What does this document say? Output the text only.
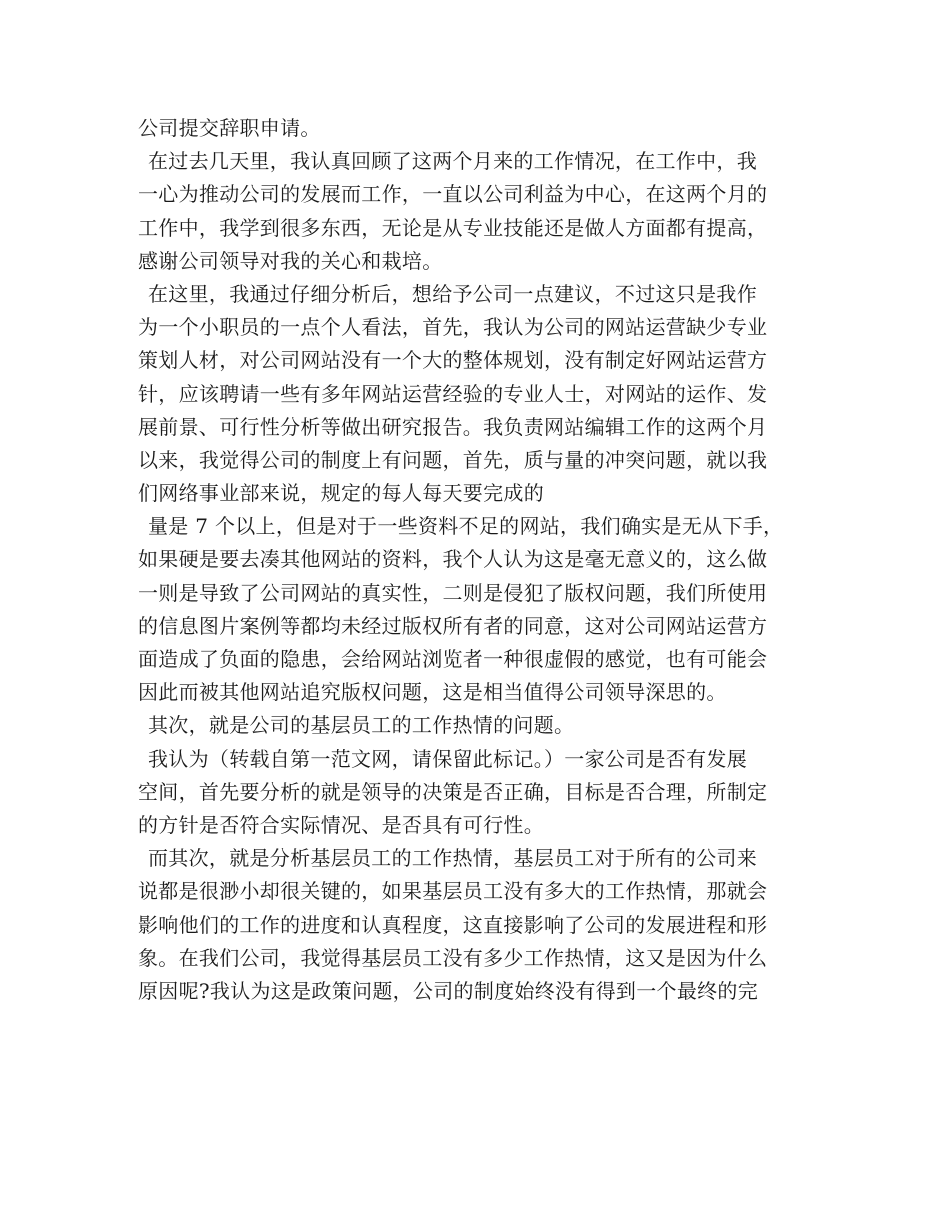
公司提交辞职申请。
在过去几天里，我认真回顾了这两个月来的工作情况，在工作中，我
一心为推动公司的发展而工作，一直以公司利益为中心，在这两个月的
工作中，我学到很多东西，无论是从专业技能还是做人方面都有提高，
感谢公司领导对我的关心和栽培。
在这里，我通过仔细分析后，想给予公司一点建议，不过这只是我作
为一个小职员的一点个人看法，首先，我认为公司的网站运营缺少专业
策划人材，对公司网站没有一个大的整体规划，没有制定好网站运营方
针，应该聘请一些有多年网站运营经验的专业人士，对网站的运作、发
展前景、可行性分析等做出研究报告。我负责网站编辑工作的这两个月
以来，我觉得公司的制度上有问题，首先，质与量的冲突问题，就以我
们网络事业部来说，规定的每人每天要完成的
量是 7 个以上，但是对于一些资料不足的网站，我们确实是无从下手，
如果硬是要去凑其他网站的资料，我个人认为这是毫无意义的，这么做
一则是导致了公司网站的真实性，二则是侵犯了版权问题，我们所使用
的信息图片案例等都均未经过版权所有者的同意，这对公司网站运营方
面造成了负面的隐患，会给网站浏览者一种很虚假的感觉，也有可能会
因此而被其他网站追究版权问题，这是相当值得公司领导深思的。
其次，就是公司的基层员工的工作热情的问题。
我认为（转载自第一范文网，请保留此标记。）一家公司是否有发展
空间，首先要分析的就是领导的决策是否正确，目标是否合理，所制定
的方针是否符合实际情况、是否具有可行性。
而其次，就是分析基层员工的工作热情，基层员工对于所有的公司来
说都是很渺小却很关键的，如果基层员工没有多大的工作热情，那就会
影响他们的工作的进度和认真程度，这直接影响了公司的发展进程和形
象。在我们公司，我觉得基层员工没有多少工作热情，这又是因为什么
原因呢?我认为这是政策问题，公司的制度始终没有得到一个最终的完
